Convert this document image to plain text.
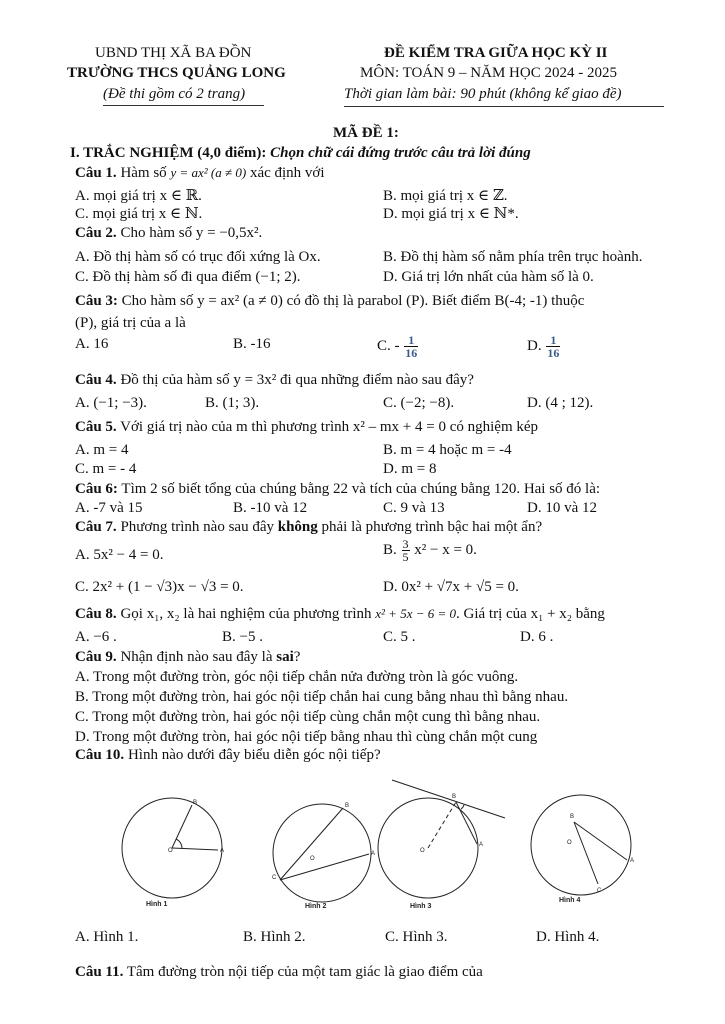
UBND THỊ XÃ BA ĐỒN
TRƯỜNG THCS QUẢNG LONG
(Đề thi gồm có 2 trang)
ĐỀ KIỂM TRA GIỮA HỌC KỲ II
MÔN: TOÁN 9 – NĂM HỌC 2024 - 2025
Thời gian làm bài: 90 phút (không kể giao đề)
MÃ ĐỀ 1:
I. TRẮC NGHIỆM (4,0 điểm): Chọn chữ cái đứng trước câu trả lời đúng
Câu 1. Hàm số y = ax² (a ≠ 0) xác định với
A. mọi giá trị x ∈ ℝ.	B. mọi giá trị x ∈ ℤ.
C. mọi giá trị x ∈ ℕ.	D. mọi giá trị x ∈ ℕ*.
Câu 2. Cho hàm số y = −0,5x².
A. Đồ thị hàm số có trục đối xứng là Ox.	B. Đồ thị hàm số nằm phía trên trục hoành.
C. Đồ thị hàm số đi qua điểm (−1; 2).	D. Giá trị lớn nhất của hàm số là 0.
Câu 3: Cho hàm số y = ax² (a ≠ 0) có đồ thị là parabol (P). Biết điểm B(-4; -1) thuộc
(P), giá trị của a là
A. 16	B. -16	C. - $\frac{1}{16}$	D. $\frac{1}{16}$
Câu 4. Đồ thị của hàm số y = 3x² đi qua những điểm nào sau đây?
A. (−1; −3).	B. (1; 3).	C. (−2; −8).	D. (4 ; 12).
Câu 5. Với giá trị nào của m thì phương trình x² – mx + 4 = 0 có nghiệm kép
A. m = 4	B. m = 4 hoặc m = -4
C. m = - 4	D. m = 8
Câu 6: Tìm 2 số biết tổng của chúng bằng 22 và tích của chúng bằng 120. Hai số đó là:
A. -7 và 15	B. -10 và 12	C. 9 và 13	D. 10 và 12
Câu 7. Phương trình nào sau đây không phải là phương trình bậc hai một ẩn?
A. 5x² − 4 = 0.	B. $\frac{3}{5} x^2 - x = 0$.
C. 2x² + (1 − √3)x − √3 = 0.	D. 0x² + √7x + √5 = 0.
Câu 8. Gọi x₁, x₂ là hai nghiệm của phương trình x² + 5x − 6 = 0. Giá trị của x₁ + x₂ bằng
A. −6 .	B. −5 .	C. 5 .	D. 6 .
Câu 9. Nhận định nào sau đây là sai?
A. Trong một đường tròn, góc nội tiếp chắn nửa đường tròn là góc vuông.
B. Trong một đường tròn, hai góc nội tiếp chắn hai cung bằng nhau thì bằng nhau.
C. Trong một đường tròn, hai góc nội tiếp cùng chắn một cung thì bằng nhau.
D. Trong một đường tròn, hai góc nội tiếp bằng nhau thì cùng chắn một cung
Câu 10. Hình nào dưới đây biểu diễn góc nội tiếp?
O
B
A
O
B
A
C
O
B
A	O
B
A
C
Hình 1	Hình 2	Hình 3
Hình 4
A. Hình 1.	B. Hình 2.	C. Hình 3.	D. Hình 4.
Câu 11. Tâm đường tròn nội tiếp của một tam giác là giao điểm của
